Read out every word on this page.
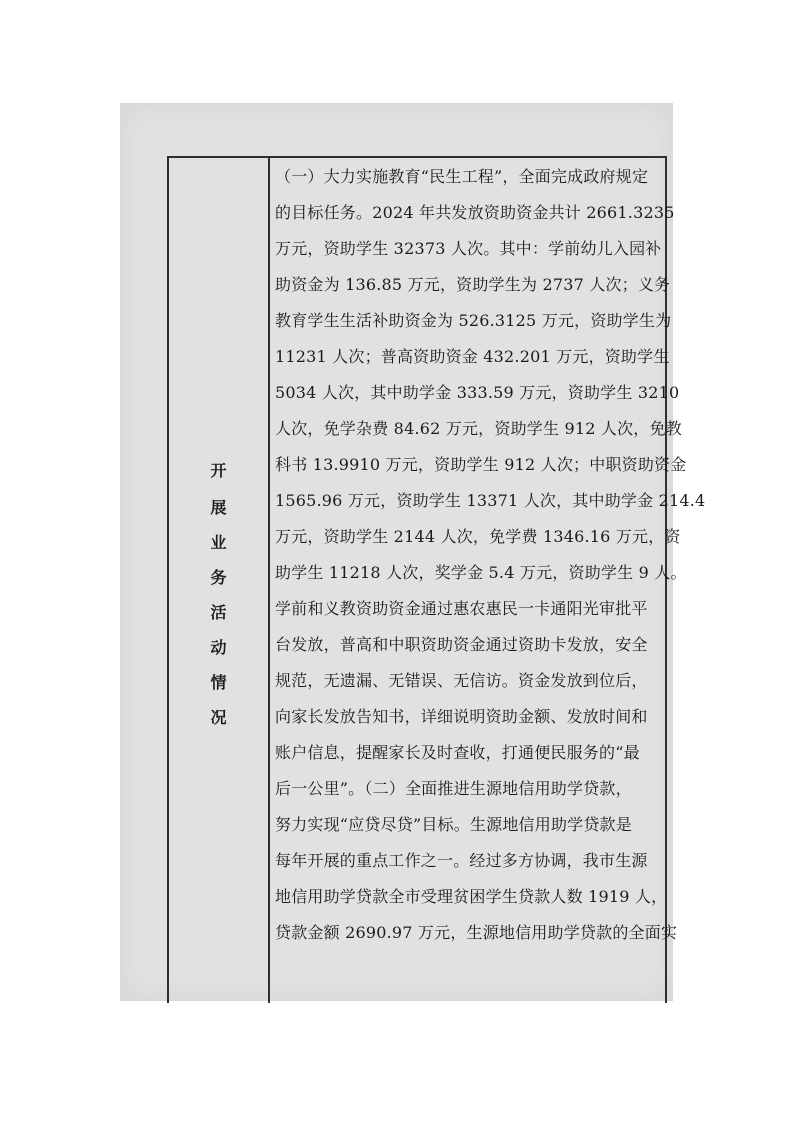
开
展
业
务
活
动
情
况
（一）大力实施教育“民生工程”，全面完成政府规定
的目标任务。2024 年共发放资助资金共计 2661.3235
万元，资助学生 32373 人次。其中：学前幼儿入园补
助资金为 136.85 万元，资助学生为 2737 人次；义务
教育学生生活补助资金为 526.3125 万元，资助学生为
11231 人次；普高资助资金 432.201 万元，资助学生
5034 人次，其中助学金 333.59 万元，资助学生 3210
人次，免学杂费 84.62 万元，资助学生 912 人次，免教
科书 13.9910 万元，资助学生 912 人次；中职资助资金
1565.96 万元，资助学生 13371 人次，其中助学金 214.4
万元，资助学生 2144 人次，免学费 1346.16 万元，资
助学生 11218 人次，奖学金 5.4 万元，资助学生 9 人。
学前和义教资助资金通过惠农惠民一卡通阳光审批平
台发放，普高和中职资助资金通过资助卡发放，安全
规范，无遗漏、无错误、无信访。资金发放到位后，
向家长发放告知书，详细说明资助金额、发放时间和
账户信息，提醒家长及时查收，打通便民服务的“最
后一公里”。（二）全面推进生源地信用助学贷款，
努力实现“应贷尽贷”目标。生源地信用助学贷款是
每年开展的重点工作之一。经过多方协调，我市生源
地信用助学贷款全市受理贫困学生贷款人数 1919 人，
贷款金额 2690.97 万元，生源地信用助学贷款的全面实
